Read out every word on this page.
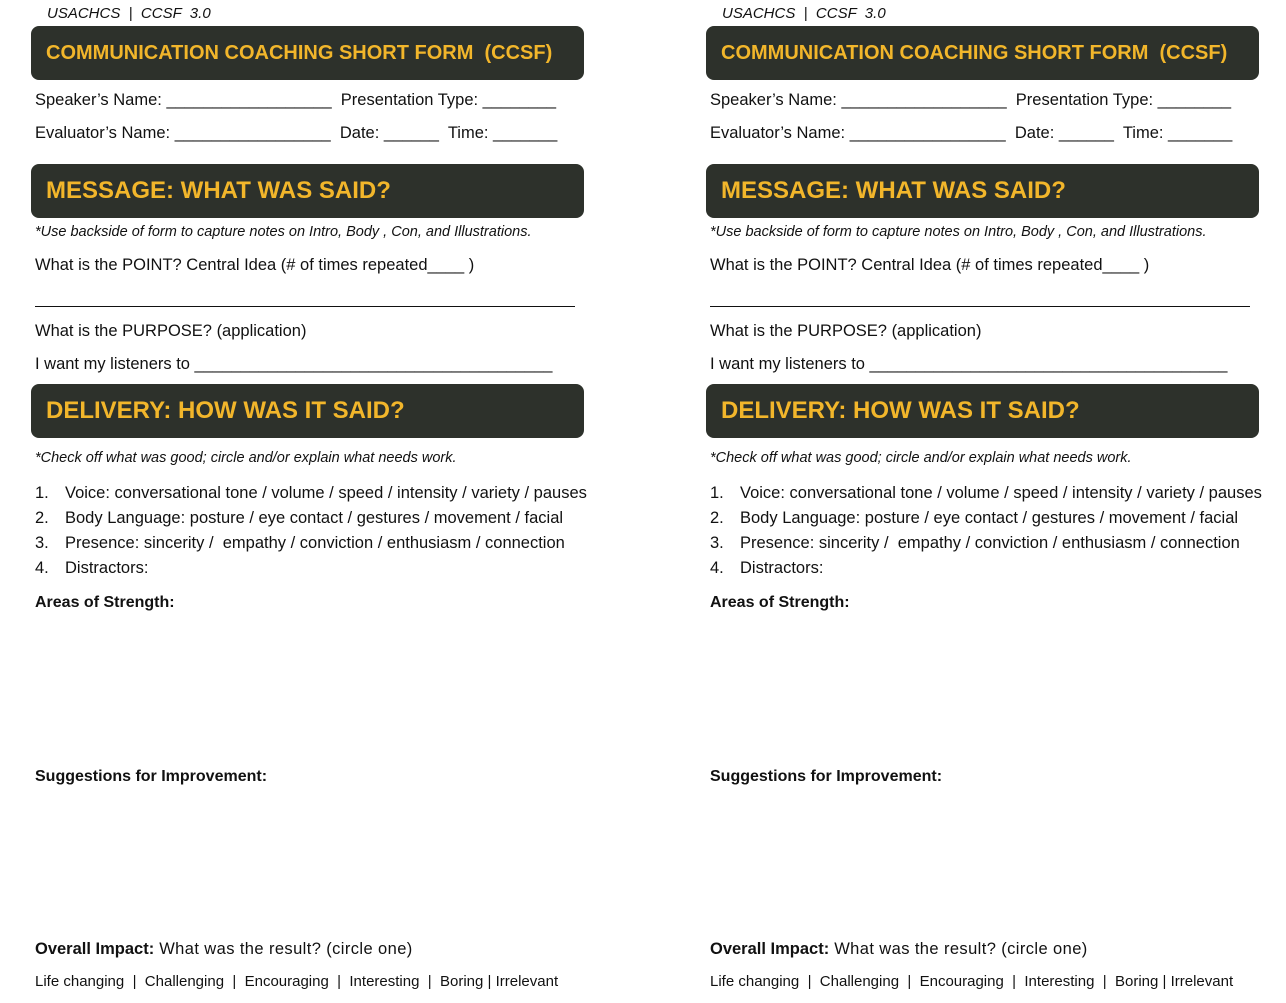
USACHCS  |  CCSF  3.0
COMMUNICATION COACHING SHORT FORM  (CCSF)
Speaker’s Name: __________________  Presentation Type: ________
Evaluator’s Name: _________________  Date: ______  Time: _______
MESSAGE: WHAT WAS SAID?
*Use backside of form to capture notes on Intro, Body , Con, and Illustrations.
What is the POINT? Central Idea (# of times repeated____ )
What is the PURPOSE? (application)
I want my listeners to _______________________________________
DELIVERY: HOW WAS IT SAID?
*Check off what was good; circle and/or explain what needs work.
1. Voice: conversational tone / volume / speed / intensity / variety / pauses
2. Body Language: posture / eye contact / gestures / movement / facial
3. Presence: sincerity /  empathy / conviction / enthusiasm / connection
4. Distractors:
Areas of Strength:
Suggestions for Improvement:
Overall Impact: What was the result? (circle one)
Life changing  |  Challenging  |  Encouraging  |  Interesting  |  Boring | Irrelevant
USACHCS  |  CCSF  3.0
COMMUNICATION COACHING SHORT FORM  (CCSF)
Speaker’s Name: __________________  Presentation Type: ________
Evaluator’s Name: _________________  Date: ______  Time: _______
MESSAGE: WHAT WAS SAID?
*Use backside of form to capture notes on Intro, Body , Con, and Illustrations.
What is the POINT? Central Idea (# of times repeated____ )
What is the PURPOSE? (application)
I want my listeners to _______________________________________
DELIVERY: HOW WAS IT SAID?
*Check off what was good; circle and/or explain what needs work.
1. Voice: conversational tone / volume / speed / intensity / variety / pauses
2. Body Language: posture / eye contact / gestures / movement / facial
3. Presence: sincerity /  empathy / conviction / enthusiasm / connection
4. Distractors:
Areas of Strength:
Suggestions for Improvement:
Overall Impact: What was the result? (circle one)
Life changing  |  Challenging  |  Encouraging  |  Interesting  |  Boring | Irrelevant
